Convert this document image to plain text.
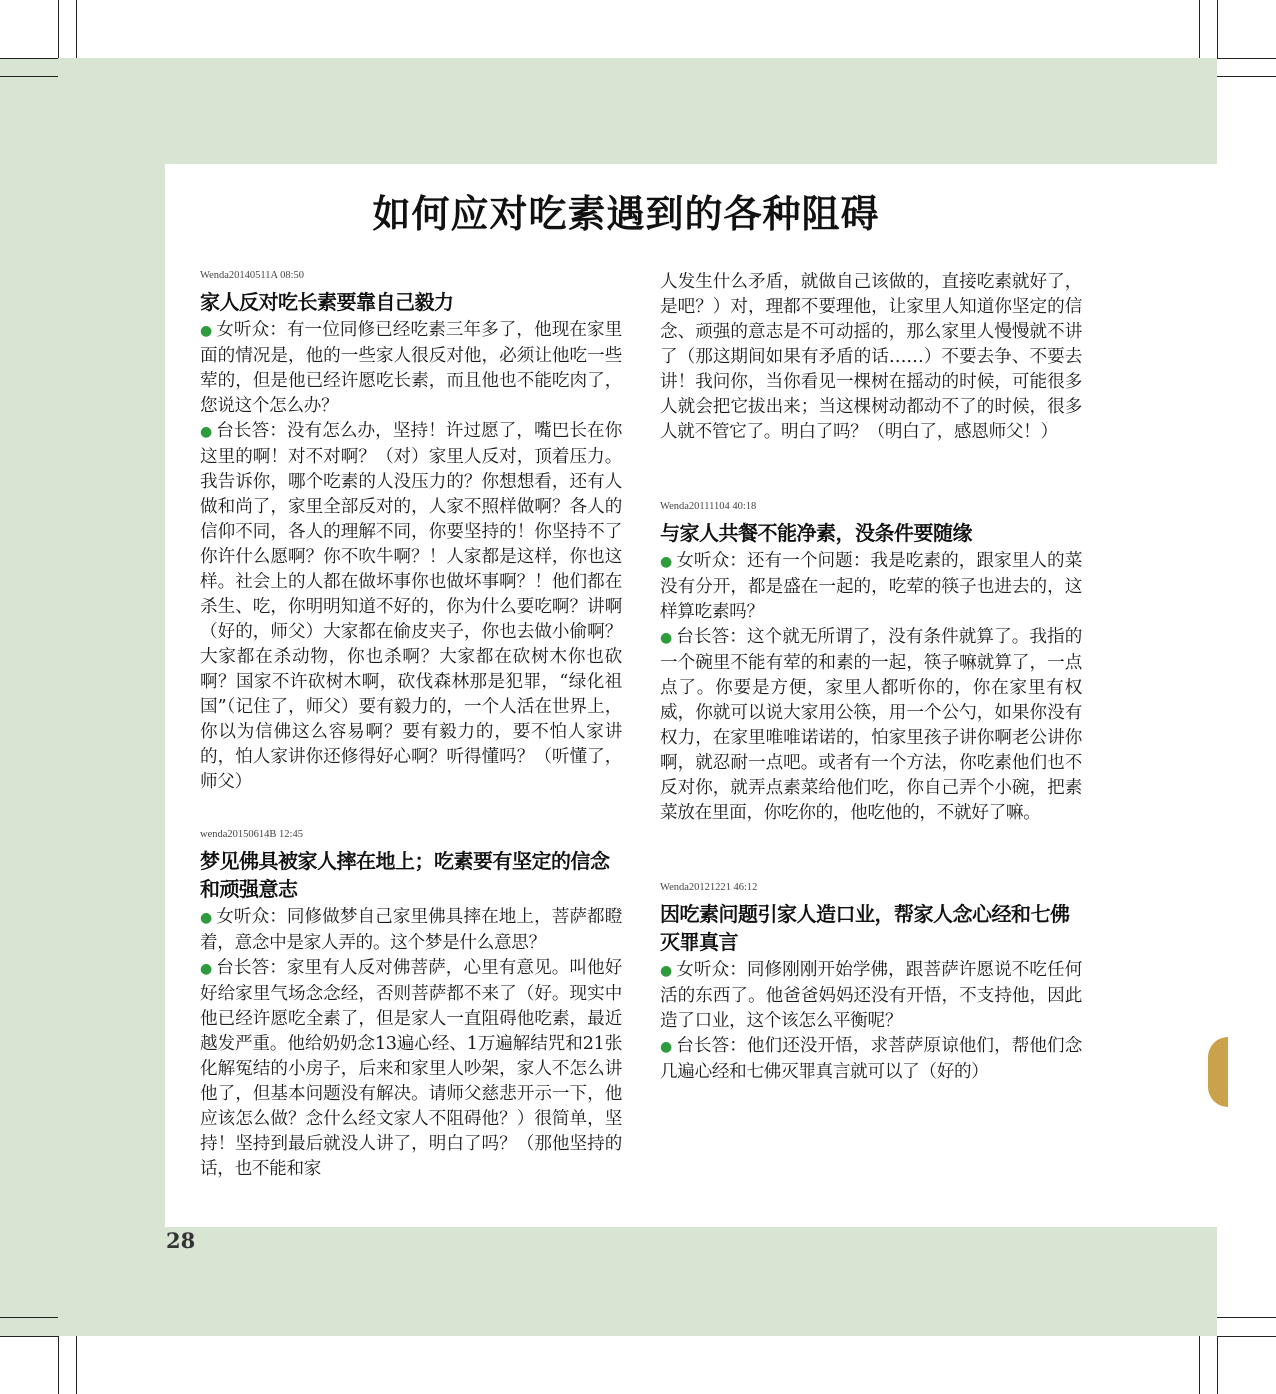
如何应对吃素遇到的各种阻碍
Wenda20140511A 08:50
家人反对吃长素要靠自己毅力

● 女听众：有一位同修已经吃素三年多了，他现在家里面的情况是，他的一些家人很反对他，必须让他吃一些荤的，但是他已经许愿吃长素，而且他也不能吃肉了，您说这个怎么办？

● 台长答：没有怎么办，坚持！许过愿了，嘴巴长在你这里的啊！对不对啊？（对）家里人反对，顶着压力。我告诉你，哪个吃素的人没压力的？你想想看，还有人做和尚了，家里全部反对的，人家不照样做啊？各人的信仰不同，各人的理解不同，你要坚持的！你坚持不了你许什么愿啊？你不吹牛啊？！人家都是这样，你也这样。社会上的人都在做坏事你也做坏事啊？！他们都在杀生、吃，你明明知道不好的，你为什么要吃啊？讲啊（好的，师父）大家都在偷皮夹子，你也去做小偷啊？大家都在杀动物，你也杀啊？大家都在砍树木你也砍啊？国家不许砍树木啊，砍伐森林那是犯罪，“绿化祖国”（记住了，师父）要有毅力的，一个人活在世界上，你以为信佛这么容易啊？要有毅力的，要不怕人家讲的，怕人家讲你还修得好心啊？听得懂吗？（听懂了，师父）

wenda20150614B 12:45
梦见佛具被家人摔在地上；吃素要有坚定的信念和顽强意志

● 女听众：同修做梦自己家里佛具摔在地上，菩萨都瞪着，意念中是家人弄的。这个梦是什么意思？

● 台长答：家里有人反对佛菩萨，心里有意见。叫他好好给家里气场念念经，否则菩萨都不来了（好。现实中他已经许愿吃全素了，但是家人一直阻碍他吃素，最近越发严重。他给奶奶念13遍心经、1万遍解结咒和21张化解冤结的小房子，后来和家里人吵架，家人不怎么讲他了，但基本问题没有解决。请师父慈悲开示一下，他应该怎么做？念什么经文家人不阻碍他？）很简单，坚持！坚持到最后就没人讲了，明白了吗？（那他坚持的话，也不能和家

人发生什么矛盾，就做自己该做的，直接吃素就好了，是吧？）对，理都不要理他，让家里人知道你坚定的信念、顽强的意志是不可动摇的，那么家里人慢慢就不讲了（那这期间如果有矛盾的话……）不要去争、不要去讲！我问你，当你看见一棵树在摇动的时候，可能很多人就会把它拔出来；当这棵树动都动不了的时候，很多人就不管它了。明白了吗？（明白了，感恩师父！）

Wenda20111104 40:18
与家人共餐不能净素，没条件要随缘

● 女听众：还有一个问题：我是吃素的，跟家里人的菜没有分开，都是盛在一起的，吃荤的筷子也进去的，这样算吃素吗？

● 台长答：这个就无所谓了，没有条件就算了。我指的一个碗里不能有荤的和素的一起，筷子嘛就算了，一点点了。你要是方便，家里人都听你的，你在家里有权威，你就可以说大家用公筷，用一个公勺，如果你没有权力，在家里唯唯诺诺的，怕家里孩子讲你啊老公讲你啊，就忍耐一点吧。或者有一个方法，你吃素他们也不反对你，就弄点素菜给他们吃，你自己弄个小碗，把素菜放在里面，你吃你的，他吃他的，不就好了嘛。

Wenda20121221 46:12
因吃素问题引家人造口业，帮家人念心经和七佛灭罪真言

● 女听众：同修刚刚开始学佛，跟菩萨许愿说不吃任何活的东西了。他爸爸妈妈还没有开悟，不支持他，因此造了口业，这个该怎么平衡呢？

● 台长答：他们还没开悟，求菩萨原谅他们，帮他们念几遍心经和七佛灭罪真言就可以了（好的）

28
